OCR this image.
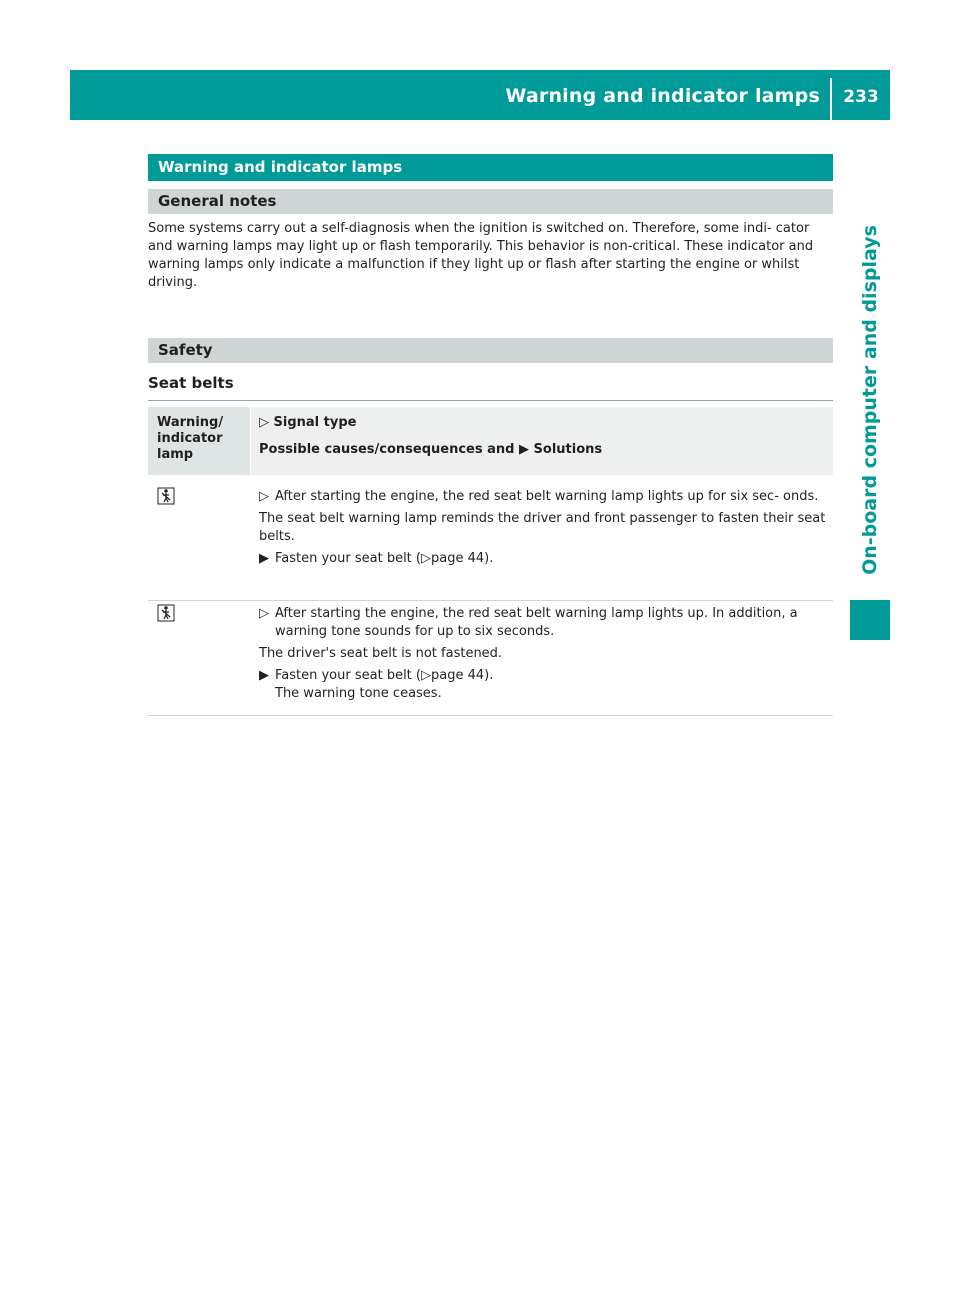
Warning and indicator lamps	233
On-board computer and displays
Warning and indicator lamps
General notes

Some systems carry out a self-diagnosis when the ignition is switched on. Therefore, some indi- cator and warning lamps may light up or flash temporarily. This behavior is non-critical. These indicator and warning lamps only indicate a malfunction if they light up or flash after starting the engine or whilst driving.

Safety
Seat belts
Warning/ indicator lamp
▷ Signal type
Possible causes/consequences and ▶ Solutions

▷ After starting the engine, the red seat belt warning lamp lights up for six sec- onds.

The seat belt warning lamp reminds the driver and front passenger to fasten their seat belts.

▶ Fasten your seat belt (▷page 44).

▷ After starting the engine, the red seat belt warning lamp lights up. In addition, a warning tone sounds for up to six seconds.

The driver's seat belt is not fastened.

▶ Fasten your seat belt (▷page 44).
The warning tone ceases.
